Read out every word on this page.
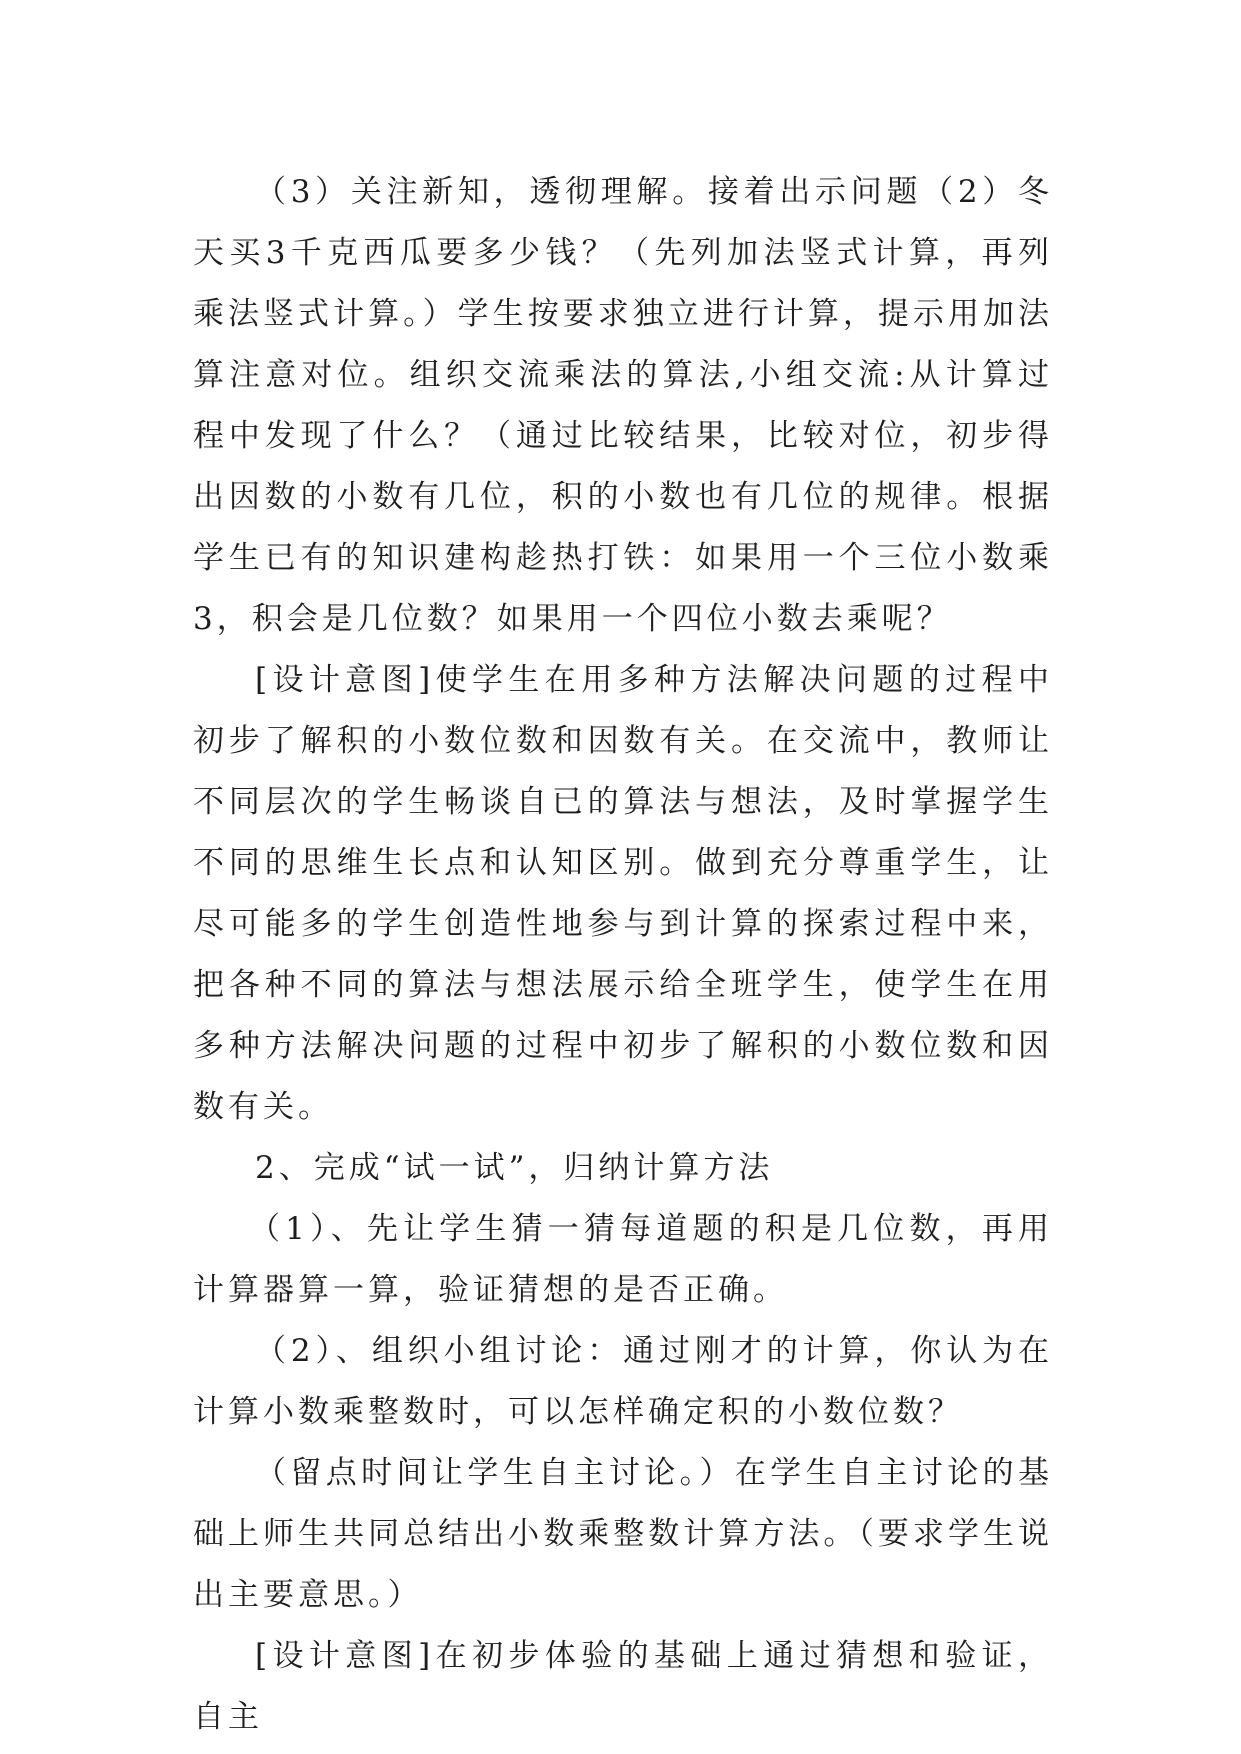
（3）关注新知，透彻理解。接着出示问题（2）冬天买3千克西瓜要多少钱？（先列加法竖式计算，再列乘法竖式计算。）学生按要求独立进行计算，提示用加法算注意对位。组织交流乘法的算法,小组交流:从计算过程中发现了什么？（通过比较结果，比较对位，初步得出因数的小数有几位，积的小数也有几位的规律。根据学生已有的知识建构趁热打铁：如果用一个三位小数乘3，积会是几位数？如果用一个四位小数去乘呢？

[设计意图]使学生在用多种方法解决问题的过程中初步了解积的小数位数和因数有关。在交流中，教师让不同层次的学生畅谈自已的算法与想法，及时掌握学生不同的思维生长点和认知区别。做到充分尊重学生，让尽可能多的学生创造性地参与到计算的探索过程中来，把各种不同的算法与想法展示给全班学生，使学生在用多种方法解决问题的过程中初步了解积的小数位数和因数有关。

2、完成“试一试”，归纳计算方法

（1）、先让学生猜一猜每道题的积是几位数，再用计算器算一算，验证猜想的是否正确。

（2）、组织小组讨论：通过刚才的计算，你认为在计算小数乘整数时，可以怎样确定积的小数位数？

（留点时间让学生自主讨论。）在学生自主讨论的基础上师生共同总结出小数乘整数计算方法。（要求学生说出主要意思。）

[设计意图]在初步体验的基础上通过猜想和验证，自主
